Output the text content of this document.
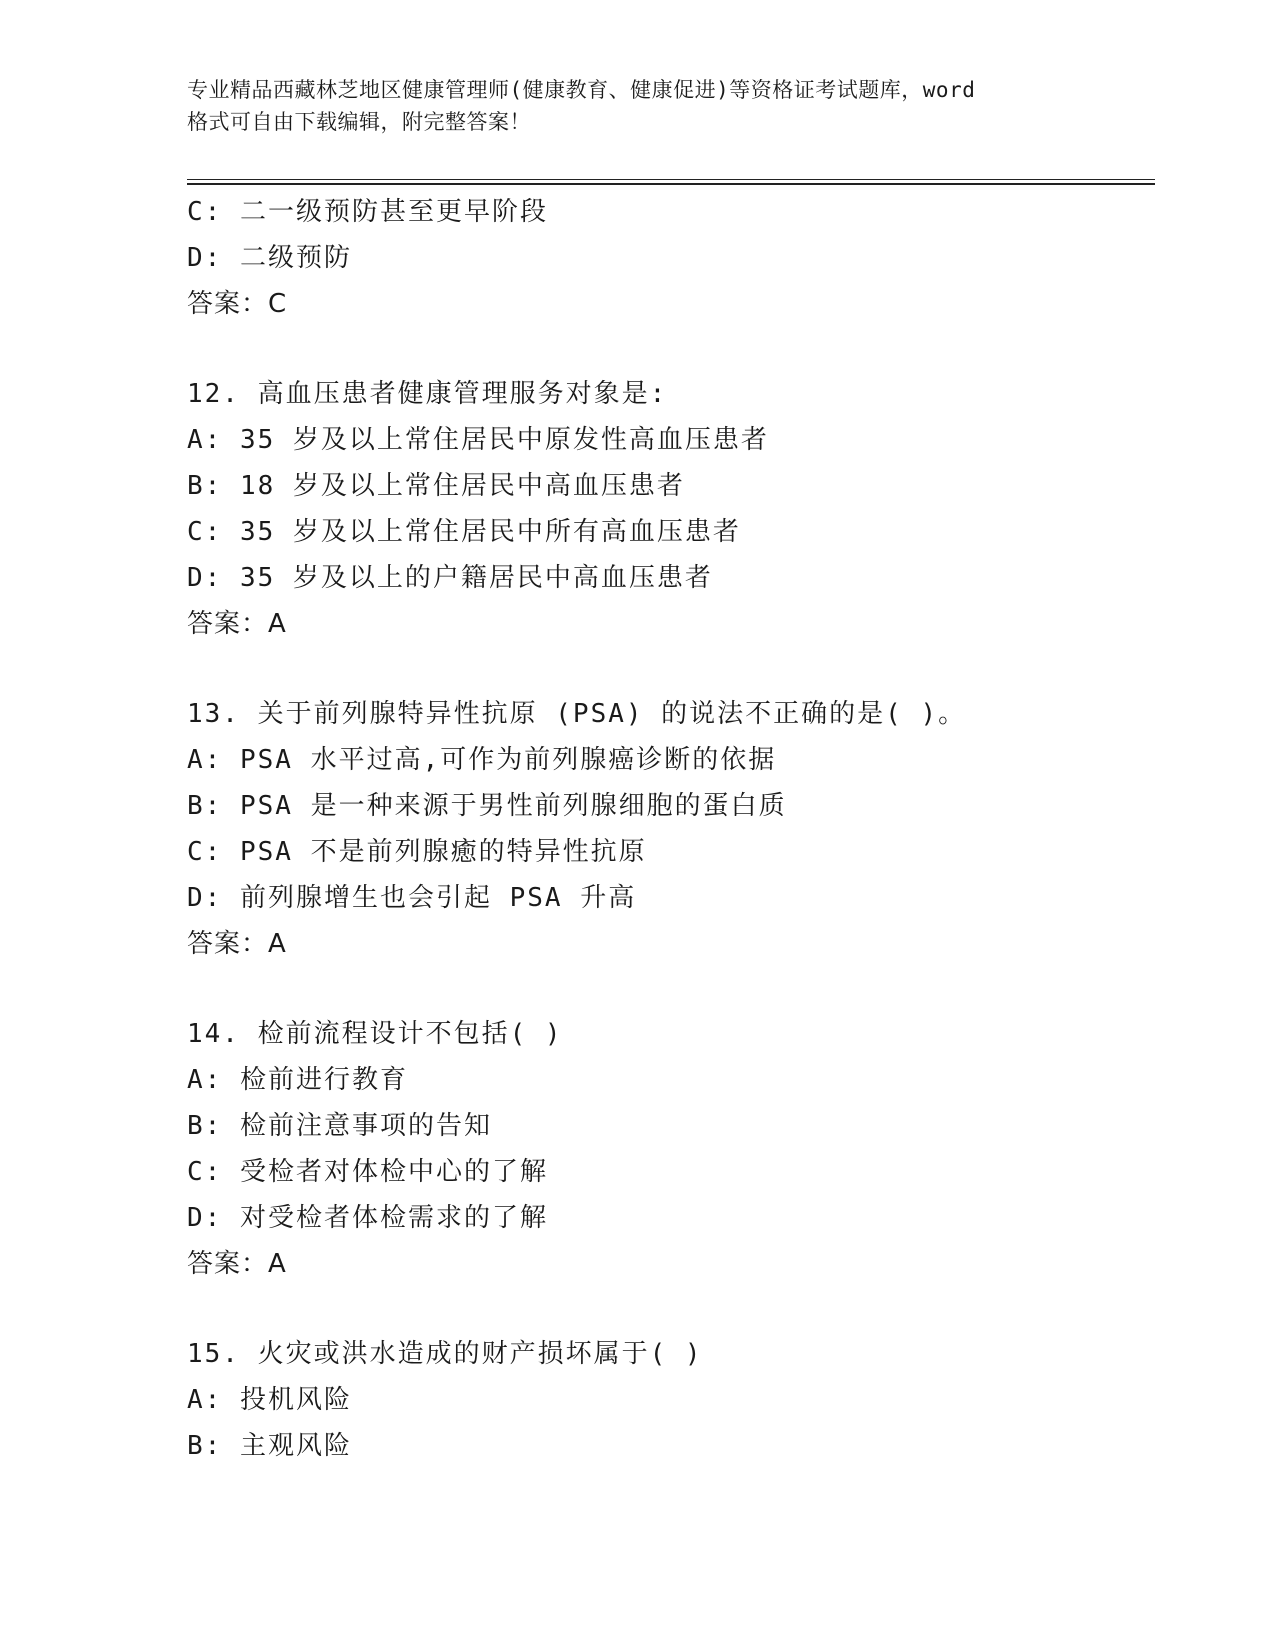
专业精品西藏林芝地区健康管理师(健康教育、健康促进)等资格证考试题库，word
格式可自由下载编辑，附完整答案！
C: 二一级预防甚至更早阶段
D: 二级预防
答案：C
12. 高血压患者健康管理服务对象是:
A: 35 岁及以上常住居民中原发性高血压患者
B: 18 岁及以上常住居民中高血压患者
C: 35 岁及以上常住居民中所有高血压患者
D: 35 岁及以上的户籍居民中高血压患者
答案：A
13. 关于前列腺特异性抗原 (PSA) 的说法不正确的是( )。
A: PSA 水平过高,可作为前列腺癌诊断的依据
B: PSA 是一种来源于男性前列腺细胞的蛋白质
C: PSA 不是前列腺癒的特异性抗原
D: 前列腺增生也会引起 PSA 升高
答案：A
14. 检前流程设计不包括( )
A: 检前进行教育
B: 检前注意事项的告知
C: 受检者对体检中心的了解
D: 对受检者体检需求的了解
答案：A
15. 火灾或洪水造成的财产损坏属于( )
A: 投机风险
B: 主观风险
